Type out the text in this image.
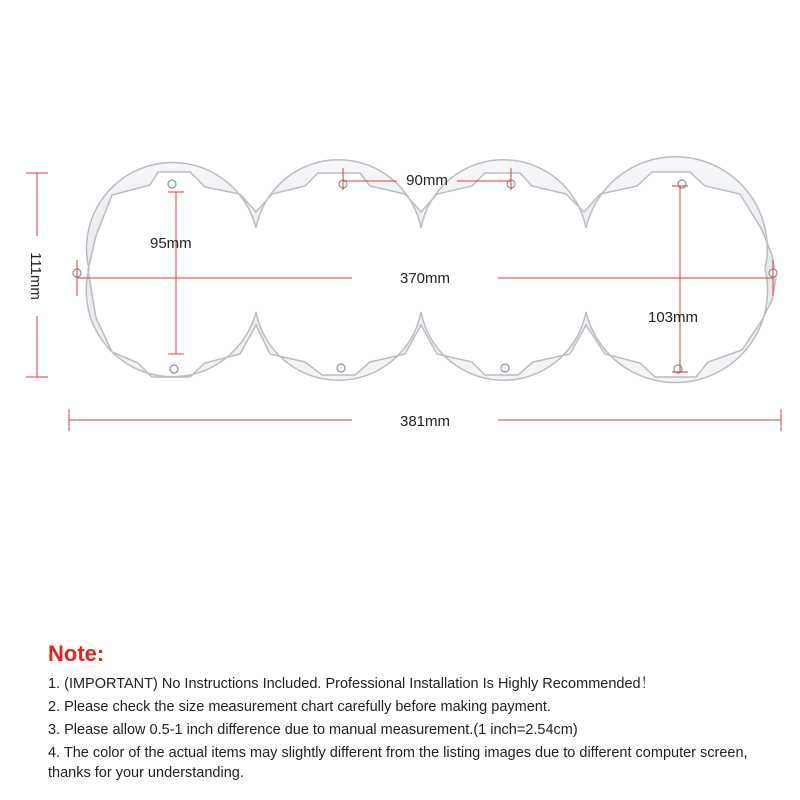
90mm
95mm
370mm
103mm
381mm
111mm
Note:
1. (IMPORTANT) No Instructions Included. Professional Installation Is Highly Recommended！
2. Please check the size measurement chart carefully before making payment.
3. Please allow 0.5-1 inch difference due to manual measurement.(1 inch=2.54cm)
4. The color of the actual items may slightly different from the listing images due to different computer screen, thanks for your understanding.
